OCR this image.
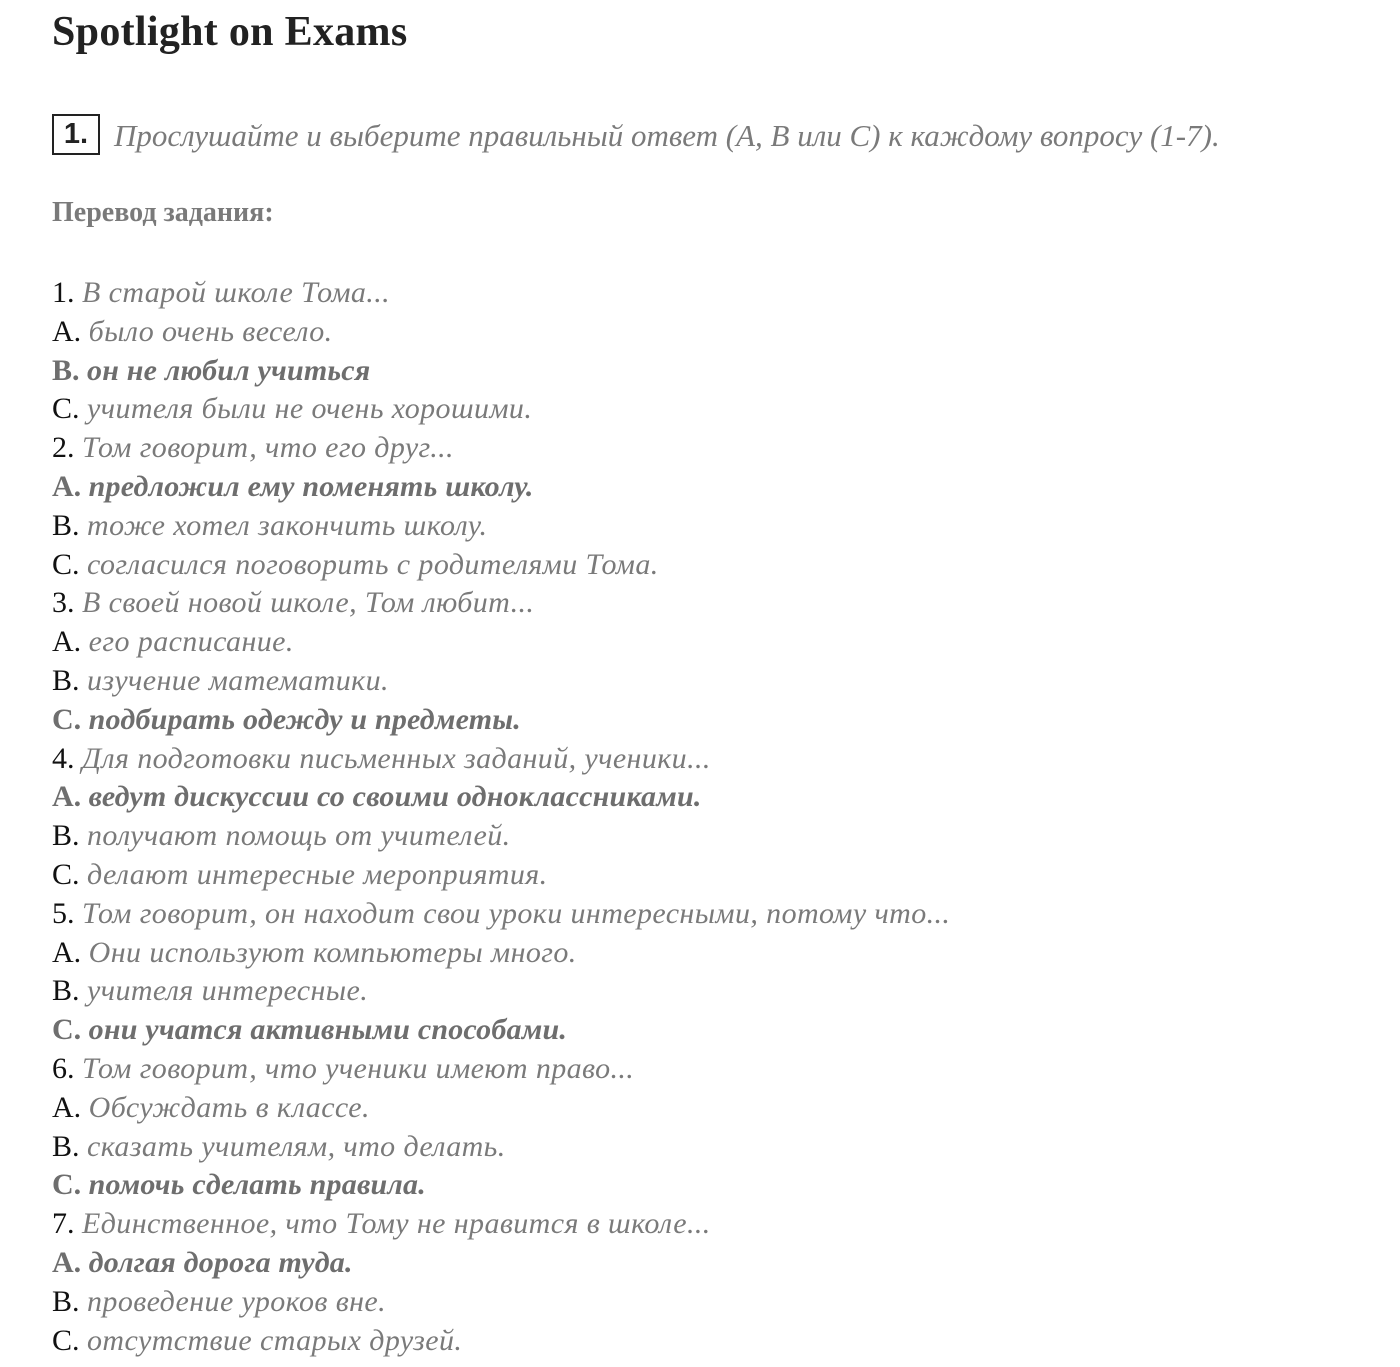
Spotlight on Exams
1. Прослушайте и выберите правильный ответ (A, B или C) к каждому вопросу (1-7).
Перевод задания:
1. В старой школе Тома...
A. было очень весело.
B. он не любил учиться
C. учителя были не очень хорошими.
2. Том говорит, что его друг...
A. предложил ему поменять школу.
B. тоже хотел закончить школу.
C. согласился поговорить с родителями Тома.
3. В своей новой школе, Том любит...
A. его расписание.
B. изучение математики.
C. подбирать одежду и предметы.
4. Для подготовки письменных заданий, ученики...
A. ведут дискуссии со своими одноклассниками.
B. получают помощь от учителей.
C. делают интересные мероприятия.
5. Том говорит, он находит свои уроки интересными, потому что...
A. Они используют компьютеры много.
B. учителя интересные.
C. они учатся активными способами.
6. Том говорит, что ученики имеют право...
A. Обсуждать в классе.
B. сказать учителям, что делать.
C. помочь сделать правила.
7. Единственное, что Тому не нравится в школе...
A. долгая дорога туда.
B. проведение уроков вне.
C. отсутствие старых друзей.
